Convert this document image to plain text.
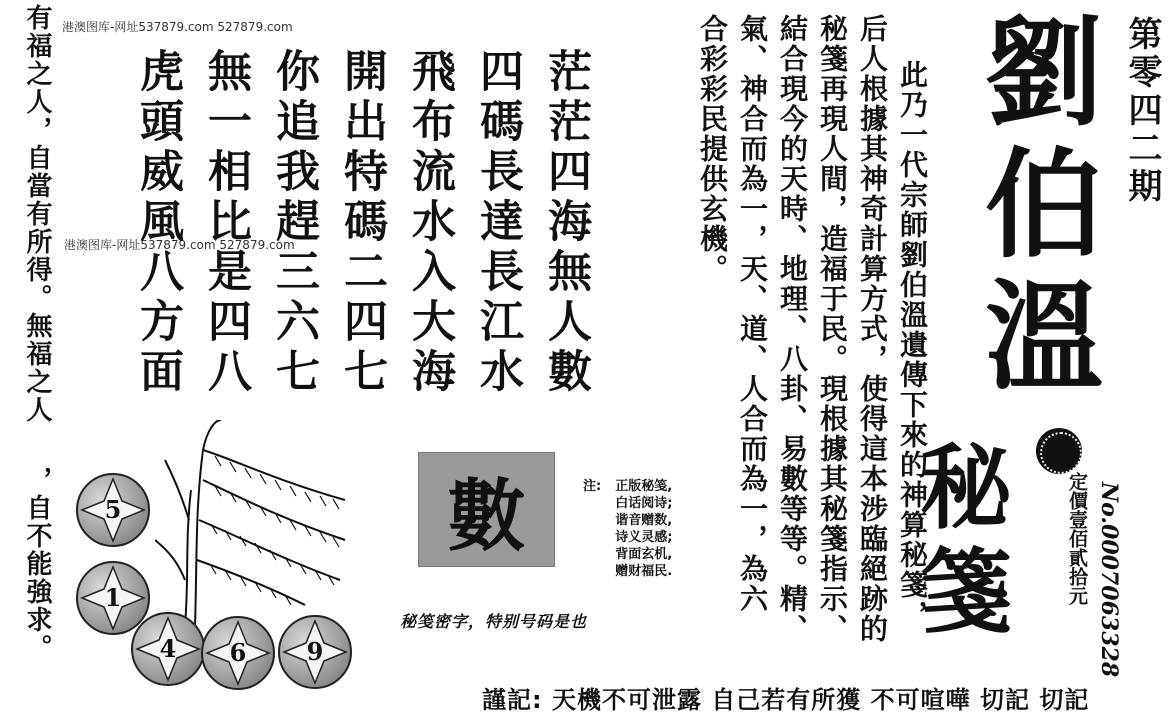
港澳图库-网址537879.com 527879.com
港澳图库-网址537879.com 527879.com
有福之人，自當有所得。無福之人
，自不能強求。
茫茫四海無人數
四碼長達長江水
飛布流水入大海
開出特碼二四七
你追我趕三六七
無一相比是四八
虎頭威風八方面
5
1
4	6	9
數	注: 正版秘笺,
白话阅诗;
谐音赠数,
诗义灵感;
背面玄机,
赠财福民.
秘笺密字，特别号码是也	此乃一代宗師劉伯溫遺傳下來的神算秘箋，
后人根據其神奇計算方式，使得這本涉臨絕跡的
秘箋再現人間，造福于民。現根據其秘箋指示、
結合現今的天時、地理、八卦、易數等等。精、
氣、神合而為一，天、道、人合而為一，為六
合彩彩民提供玄機。 劉
伯
溫
秘
箋
第零四二期
定價壹佰貳拾元 No.0007063328
謹記: 天機不可泄露 自己若有所獲 不可喧嘩 切記 切記
